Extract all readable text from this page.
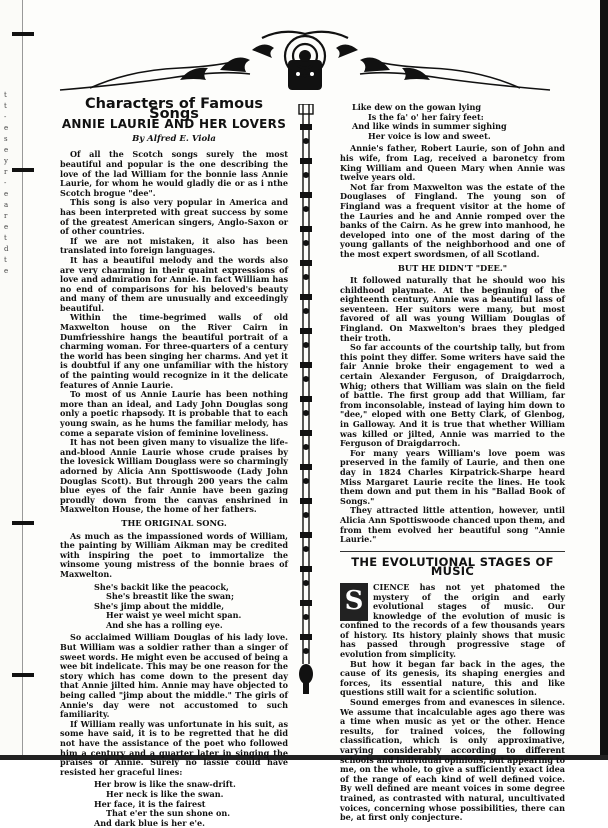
t
t
-
e
s
e
y
r
-
e
a
r
e
t
d
t
e
Characters of Famous Songs
ANNIE LAURIE AND HER LOVERS
By Alfred E. Viola

Of all the Scotch songs surely the most beautiful and popular is the one describing the love of the lad William for the bonnie lass Annie Laurie, for whom he would gladly die or as i nthe Scotch brogue "dee".

This song is also very popular in America and has been interpreted with great success by some of the greatest American singers, Anglo-Saxon or of other countries.

If we are not mistaken, it also has been translated into foreign languages.

It has a beautiful melody and the words also are very charming in their quaint expressions of love and admiration for Annie. In fact William has no end of comparisons for his beloved's beauty and many of them are unusually and exceedingly beautiful.

Within the time-begrimed walls of old Maxwelton house on the River Cairn in Dumfriesshire hangs the beautiful portrait of a charming woman. For three-quarters of a century the world has been singing her charms. And yet it is doubtful if any one unfamiliar with the history of the painting would recognize in it the delicate features of Annie Laurie.

To most of us Annie Laurie has been nothing more than an ideal, and Lady John Douglas song only a poetic rhapsody. It is probable that to each young swain, as he hums the familiar melody, has come a separate vision of feminine loveliness.

It has not been given many to visualize the life-and-blood Annie Laurie whose crude praises by the lovesick William Douglass were so charmingly adorned by Alicia Ann Spottiswoode (Lady John Douglas Scott). But through 200 years the calm blue eyes of the fair Annie have been gazing proudly down from the canvas enshrined in Maxwelton House, the home of her fathers.

THE ORIGINAL SONG.

As much as the impassioned words of William, the painting by William Aikman may be credited with inspiring the poet to immortalize the winsome young mistress of the bonnie braes of Maxwelton.

She's backit like the peacock,
She's breastit like the swan;
She's jimp about the middle,
Her waist ye weel micht span.
And she has a rolling eye.

So acclaimed William Douglas of his lady love. But William was a soldier rather than a singer of sweet words. He might even be accused of being a wee bit indelicate. This may be one reason for the story which has come down to the present day that Annie jilted him. Annie may have objected to being called "jimp about the middle." The girls of Annie's day were not accustomed to such familiarity.

If William really was unfortunate in his suit, as some have said, it is to be regretted that he did not have the assistance of the poet who followed him a century and a quarter later in singing the praises of Annie. Surely no lassie could have resisted her graceful lines:

Her brow is like the snaw-drift.
Her neck is like the swan.
Her face, it is the fairest
That e'er the sun shone on.
And dark blue is her e'e.
Like dew on the gowan lying
Is the fa' o' her fairy feet:
And like winds in summer sighing
Her voice is low and sweet.

Annie's father, Robert Laurie, son of John and his wife, from Lag, received a baronetcy from King William and Queen Mary when Annie was twelve years old.

Not far from Maxwelton was the estate of the Douglases of Fingland. The young son of Fingland was a frequent visitor at the home of the Lauries and he and Annie romped over the banks of the Cairn. As he grew into manhood, he developed into one of the most daring of the young gallants of the neighborhood and one of the most expert swordsmen, of all Scotland.

BUT HE DIDN'T "DEE."

It followed naturally that he should woo his childhood playmate. At the beginning of the eighteenth century, Annie was a beautiful lass of seventeen. Her suitors were many, but most favored of all was young William Douglas of Fingland. On Maxwelton's braes they pledged their troth.

So far accounts of the courtship tally, but from this point they differ. Some writers have said the fair Annie broke their engagement to wed a certain Alexander Ferguson, of Draigdarroch, Whig; others that William was slain on the field of battle. The first group add that William, far from inconsolable, instead of laying him down to "dee," eloped with one Betty Clark, of Glenbog, in Galloway. And it is true that whether William was killed or jilted, Annie was married to the Ferguson of Draigdarroch.

For many years William's love poem was preserved in the family of Laurie, and then one day in 1824 Charles Kirpatrick-Sharpe heard Miss Margaret Laurie recite the lines. He took them down and put them in his "Ballad Book of Songs."

They attracted little attention, however, until Alicia Ann Spottiswoode chanced upon them, and from them evolved her beautiful song "Annie Laurie."

THE EVOLUTIONAL STAGES OF MUSIC

S	CIENCE has not yet phatomed the mystery of the origin and early evolutional stages of music. Our knowledge of the evolution of music is confined to the records of a few thousands years of history. Its history plainly shows that music has passed through progressive stage of evolution from simplicity.

But how it began far back in the ages, the cause of its genesis, its shaping energies and forces, its essential nature, this and like questions still wait for a scientific solution.

Sound emerges from and evanesces in silence. We assume that incalculable ages ago there was a time when music as yet or the other. Hence results, for trained voices, the following classification, which is only approximative, varying considerably according to different schools and individual opinions, but appearing to me, on the whole, to give a sufficiently exact idea of the range of each kind of well defined voice. By well defined are meant voices in some degree trained, as contrasted with natural, uncultivated voices, concerning whose possibilities, there can be, at first only conjecture.
